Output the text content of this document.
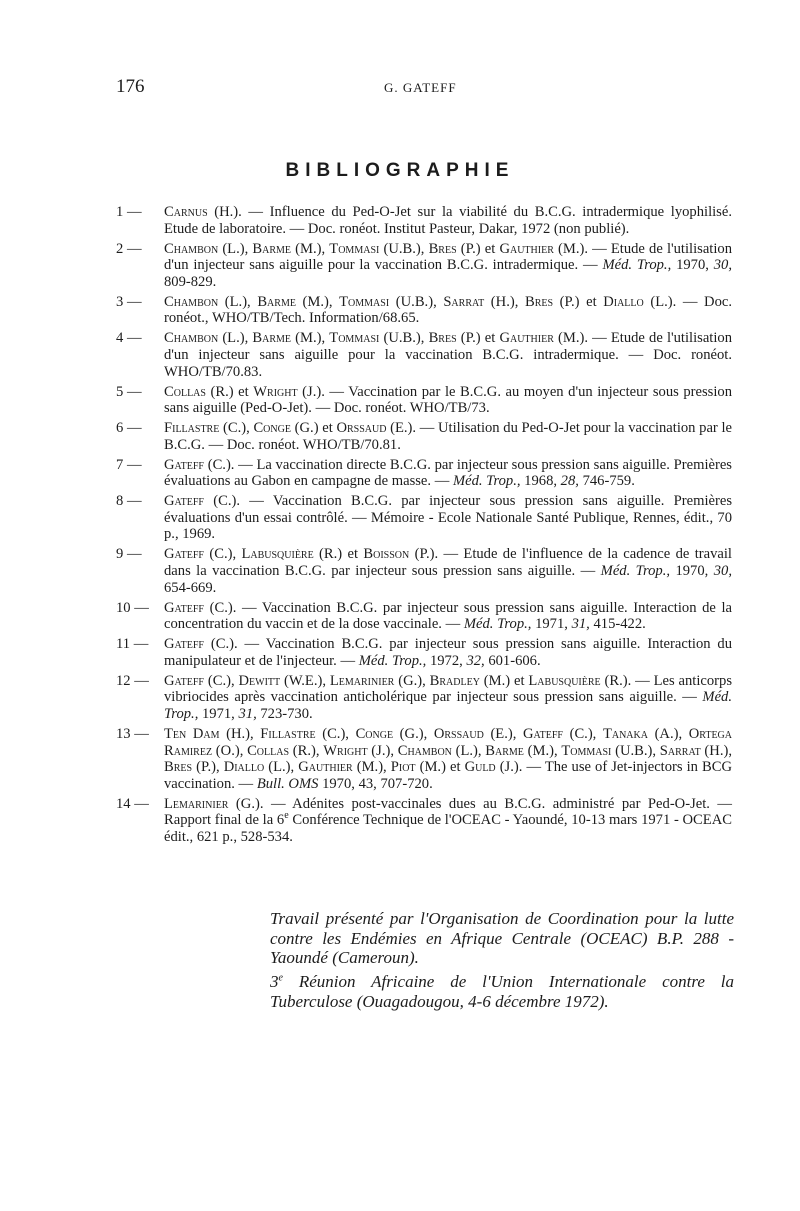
176	G. GATEFF
BIBLIOGRAPHIE
1 —	Carnus (H.). — Influence du Ped-O-Jet sur la viabilité du B.C.G. intradermique lyophilisé. Etude de laboratoire. — Doc. ronéot. Institut Pasteur, Dakar, 1972 (non publié).
2 —	Chambon (L.), Barme (M.), Tommasi (U.B.), Bres (P.) et Gauthier (M.). — Etude de l'utilisation d'un injecteur sans aiguille pour la vaccination B.C.G. intradermique. — Méd. Trop., 1970, 30, 809-829.
3 —	Chambon (L.), Barme (M.), Tommasi (U.B.), Sarrat (H.), Bres (P.) et Diallo (L.). — Doc. ronéot., WHO/TB/Tech. Information/68.65.
4 —	Chambon (L.), Barme (M.), Tommasi (U.B.), Bres (P.) et Gauthier (M.). — Etude de l'utilisation d'un injecteur sans aiguille pour la vaccination B.C.G. intradermique. — Doc. ronéot. WHO/TB/70.83.
5 —	Collas (R.) et Wright (J.). — Vaccination par le B.C.G. au moyen d'un injecteur sous pression sans aiguille (Ped-O-Jet). — Doc. ronéot. WHO/TB/73.
6 —	Fillastre (C.), Conge (G.) et Orssaud (E.). — Utilisation du Ped-O-Jet pour la vaccination par le B.C.G. — Doc. ronéot. WHO/TB/70.81.
7 —	Gateff (C.). — La vaccination directe B.C.G. par injecteur sous pression sans aiguille. Premières évaluations au Gabon en campagne de masse. — Méd. Trop., 1968, 28, 746-759.
8 —	Gateff (C.). — Vaccination B.C.G. par injecteur sous pression sans aiguille. Premières évaluations d'un essai contrôlé. — Mémoire - Ecole Nationale Santé Publique, Rennes, édit., 70 p., 1969.
9 —	Gateff (C.), Labusquière (R.) et Boisson (P.). — Etude de l'influence de la cadence de travail dans la vaccination B.C.G. par injecteur sous pression sans aiguille. — Méd. Trop., 1970, 30, 654-669.
10 — Gateff (C.). — Vaccination B.C.G. par injecteur sous pression sans aiguille. Interaction de la concentration du vaccin et de la dose vaccinale. — Méd. Trop., 1971, 31, 415-422.
11 — Gateff (C.). — Vaccination B.C.G. par injecteur sous pression sans aiguille. Interaction du manipulateur et de l'injecteur. — Méd. Trop., 1972, 32, 601-606.
12 — Gateff (C.), Dewitt (W.E.), Lemarinier (G.), Bradley (M.) et Labusquière (R.). — Les anticorps vibriocides après vaccination anticholérique par injecteur sous pression sans aiguille. — Méd. Trop., 1971, 31, 723-730.
13 — Ten Dam (H.), Fillastre (C.), Conge (G.), Orssaud (E.), Gateff (C.), Tanaka (A.), Ortega Ramirez (O.), Collas (R.), Wright (J.), Chambon (L.), Barme (M.), Tommasi (U.B.), Sarrat (H.), Bres (P.), Diallo (L.), Gauthier (M.), Piot (M.) et Guld (J.). — The use of Jet-injectors in BCG vaccination. — Bull. OMS 1970, 43, 707-720.
14 — Lemarinier (G.). — Adénites post-vaccinales dues au B.C.G. administré par Ped-O-Jet. — Rapport final de la 6e Conférence Technique de l'OCEAC - Yaoundé, 10-13 mars 1971 - OCEAC édit., 621 p., 528-534.
Travail présenté par l'Organisation de Coordination pour la lutte contre les Endémies en Afrique Centrale (OCEAC) B.P. 288 - Yaoundé (Cameroun).
3e Réunion Africaine de l'Union Internationale contre la Tuberculose (Ouagadougou, 4-6 décembre 1972).
